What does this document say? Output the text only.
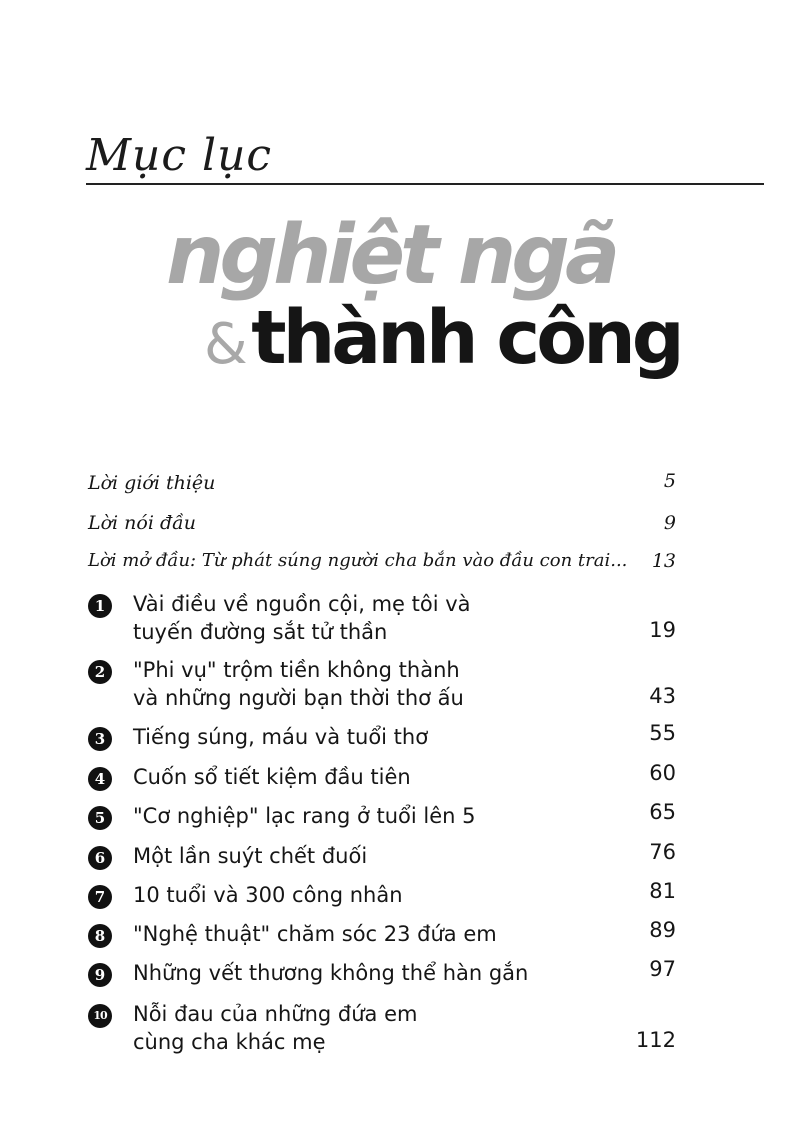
Mục lục
nghiệt ngã
& thành công
Lời giới thiệu	5
Lời nói đầu	9
Lời mở đầu: Từ phát súng người cha bắn vào đầu con trai... 13
1	Vài điều về nguồn cội, mẹ tôi và
tuyến đường sắt tử thần	19
2	"Phi vụ" trộm tiền không thành
và những người bạn thời thơ ấu	43
3	Tiếng súng, máu và tuổi thơ	55
4	Cuốn sổ tiết kiệm đầu tiên	60
5	"Cơ nghiệp" lạc rang ở tuổi lên 5	65
6	Một lần suýt chết đuối	76
7	10 tuổi và 300 công nhân	81
8	"Nghệ thuật" chăm sóc 23 đứa em	89
9	Những vết thương không thể hàn gắn	97
10 Nỗi đau của những đứa em
cùng cha khác mẹ	112
